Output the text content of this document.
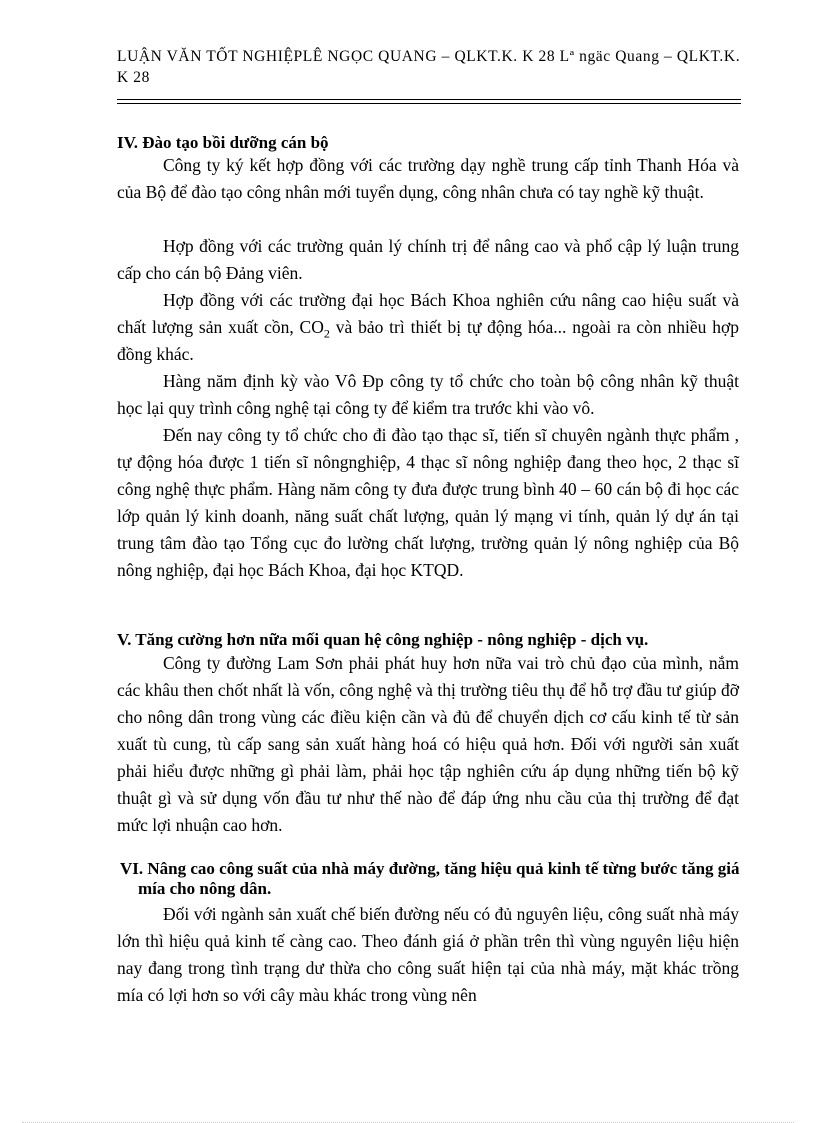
LUẬN VĂN TỐT NGHIỆPLÊ NGỌC QUANG – QLKT.K. K 28 Lª ngäc Quang – QLKT.K. K 28
IV. Đào tạo bồi dưỡng cán bộ
Công ty ký kết hợp đồng với các trường dạy nghề trung cấp tỉnh Thanh Hóa và của Bộ để đào tạo công nhân mới tuyển dụng, công nhân chưa có tay nghề kỹ thuật.
Hợp đồng với các trường quản lý chính trị để nâng cao và phổ cập lý luận trung cấp cho cán bộ Đảng viên.
Hợp đồng với các trường đại học Bách Khoa nghiên cứu nâng cao hiệu suất và chất lượng sản xuất cồn, $CO_2$ và bảo trì thiết bị tự động hóa... ngoài ra còn nhiều hợp đồng khác.
Hàng năm định kỳ vào Vô Đp công ty tổ chức cho toàn bộ công nhân kỹ thuật học lại quy trình công nghệ tại công ty để kiểm tra trước khi vào vô.
Đến nay công ty tổ chức cho đi đào tạo thạc sĩ, tiến sĩ chuyên ngành thực phẩm , tự động hóa được 1 tiến sĩ nôngnghiệp, 4 thạc sĩ nông nghiệp đang theo học, 2 thạc sĩ công nghệ thực phẩm. Hàng năm công ty đưa được trung bình 40 – 60 cán bộ đi học các lớp quản lý kinh doanh, năng suất chất lượng, quản lý mạng vi tính, quản lý dự án tại trung tâm đào tạo Tổng cục đo lường chất lượng, trường quản lý nông nghiệp của Bộ nông nghiệp, đại học Bách Khoa, đại học KTQD.
V. Tăng cường hơn nữa mối quan hệ công nghiệp - nông nghiệp - dịch vụ.
Công ty đường Lam Sơn phải phát huy hơn nữa vai trò chủ đạo của mình, nắm các khâu then chốt nhất là vốn, công nghệ và thị trường tiêu thụ để hỗ trợ đầu tư giúp đỡ cho nông dân trong vùng các điều kiện cần và đủ để chuyển dịch cơ cấu kinh tế từ sản xuất tù cung, tù cấp sang sản xuất hàng hoá có hiệu quả hơn. Đối với người sản xuất phải hiểu được những gì phải làm, phải học tập nghiên cứu áp dụng những tiến bộ kỹ thuật gì và sử dụng vốn đầu tư như thế nào để đáp ứng nhu cầu của thị trường để đạt mức lợi nhuận cao hơn.
VI. Nâng cao công suất của nhà máy đường, tăng hiệu quả kinh tế từng bước tăng giá mía cho nông dân.
Đối với ngành sản xuất chế biến đường nếu có đủ nguyên liệu, công suất nhà máy lớn thì hiệu quả kinh tế càng cao. Theo đánh giá ở phần trên thì vùng nguyên liệu hiện nay đang trong tình trạng dư thừa cho công suất hiện tại của nhà máy, mặt khác trồng mía có lợi hơn so với cây màu khác trong vùng nên
